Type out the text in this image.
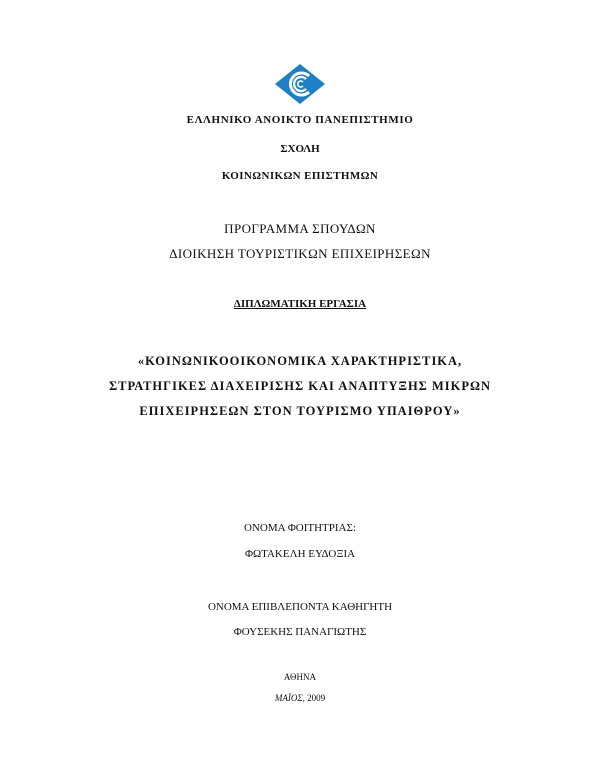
ΕΛΛΗΝΙΚΟ ΑΝΟΙΚΤΟ ΠΑΝΕΠΙΣΤΗΜΙΟ
ΣΧΟΛΗ
ΚΟΙΝΩΝΙΚΩΝ ΕΠΙΣΤΗΜΩΝ
ΠΡΟΓΡΑΜΜΑ ΣΠΟΥΔΩΝ
ΔΙΟΙΚΗΣΗ ΤΟΥΡΙΣΤΙΚΩΝ ΕΠΙΧΕΙΡΗΣΕΩΝ
ΔΙΠΛΩΜΑΤΙΚΗ ΕΡΓΑΣΙΑ
«ΚΟΙΝΩΝΙΚΟΟΙΚΟΝΟΜΙΚΑ ΧΑΡΑΚΤΗΡΙΣΤΙΚΑ,
ΣΤΡΑΤΗΓΙΚΕΣ ΔΙΑΧΕΙΡΙΣΗΣ ΚΑΙ ΑΝΑΠΤΥΞΗΣ ΜΙΚΡΩΝ
ΕΠΙΧΕΙΡΗΣΕΩΝ ΣΤΟΝ ΤΟΥΡΙΣΜΟ ΥΠΑΙΘΡΟΥ»
ΟΝΟΜΑ ΦΟΙΤΗΤΡΙΑΣ:
ΦΩΤΑΚΕΛΗ ΕΥΔΟΞΙΑ
ΟΝΟΜΑ ΕΠΙΒΛΕΠΟΝΤΑ ΚΑΘΗΓΗΤΗ
ΦΟΥΣΕΚΗΣ ΠΑΝΑΓΙΩΤΗΣ
ΑΘΗΝΑ
ΜΑΪΟΣ, 2009
